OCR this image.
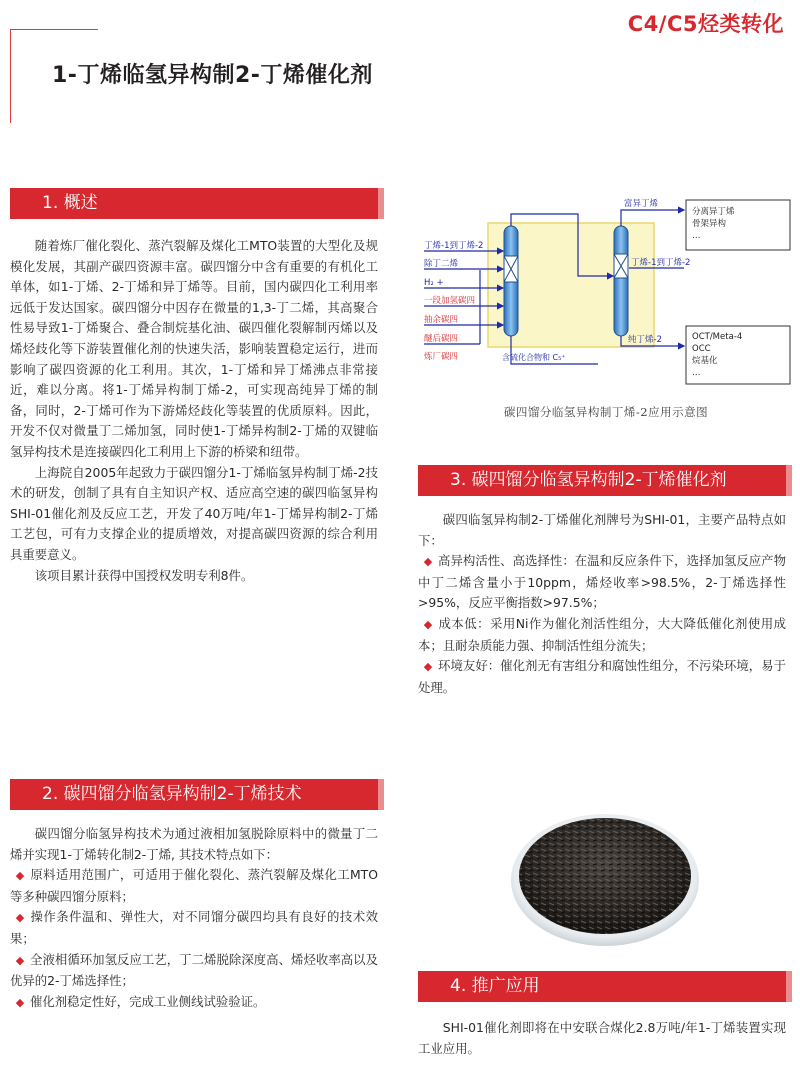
C4/C5烃类转化
1-丁烯临氢异构制2-丁烯催化剂
1. 概述

随着炼厂催化裂化、蒸汽裂解及煤化工MTO装置的大型化及规模化发展，其副产碳四资源丰富。碳四馏分中含有重要的有机化工单体，如1-丁烯、2-丁烯和异丁烯等。目前，国内碳四化工利用率远低于发达国家。碳四馏分中因存在微量的1,3-丁二烯，其高聚合性易导致1-丁烯聚合、叠合制烷基化油、碳四催化裂解制丙烯以及烯烃歧化等下游装置催化剂的快速失活，影响装置稳定运行，进而影响了碳四资源的化工利用。其次，1-丁烯和异丁烯沸点非常接近，难以分离。将1-丁烯异构制丁烯-2，可实现高纯异丁烯的制备，同时，2-丁烯可作为下游烯烃歧化等装置的优质原料。因此，开发不仅对微量丁二烯加氢，同时使1-丁烯异构制2-丁烯的双键临氢异构技术是连接碳四化工利用上下游的桥梁和纽带。

上海院自2005年起致力于碳四馏分1-丁烯临氢异构制丁烯-2技术的研发，创制了具有自主知识产权、适应高空速的碳四临氢异构SHI-01催化剂及反应工艺，开发了40万吨/年1-丁烯异构制2-丁烯工艺包，可有力支撑企业的提质增效，对提高碳四资源的综合利用具重要意义。

该项目累计获得中国授权发明专利8件。

2. 碳四馏分临氢异构制2-丁烯技术

碳四馏分临氢异构技术为通过液相加氢脱除原料中的微量丁二烯并实现1-丁烯转化制2-丁烯, 其技术特点如下：

◆ 原料适用范围广，可适用于催化裂化、蒸汽裂解及煤化工MTO等多种碳四馏分原料；

◆ 操作条件温和、弹性大，对不同馏分碳四均具有良好的技术效果；

◆ 全液相循环加氢反应工艺，丁二烯脱除深度高、烯烃收率高以及优异的2-丁烯选择性；

◆ 催化剂稳定性好，完成工业侧线试验验证。

丁烯-1到丁烯-2
除丁二烯
H₂ +
一段加氢碳四
抽余碳四
醚后碳四
炼厂碳四
富异丁烯
丁烯-1到丁烯-2
纯丁烯-2
含硫化合物和 C₅⁺
分离异丁烯
骨架异构
…
OCT/Meta-4
OCC
烷基化
…
碳四馏分临氢异构制丁烯-2应用示意图
3. 碳四馏分临氢异构制2-丁烯催化剂

碳四临氢异构制2-丁烯催化剂牌号为SHI-01，主要产品特点如下：

◆ 高异构活性、高选择性：在温和反应条件下，选择加氢反应产物中丁二烯含量小于10ppm，烯烃收率>98.5%，2-丁烯选择性>95%，反应平衡指数>97.5%；

◆ 成本低：采用Ni作为催化剂活性组分，大大降低催化剂使用成本；且耐杂质能力强、抑制活性组分流失；

◆ 环境友好：催化剂无有害组分和腐蚀性组分，不污染环境，易于处理。

4. 推广应用

SHI-01催化剂即将在中安联合煤化2.8万吨/年1-丁烯装置实现工业应用。
